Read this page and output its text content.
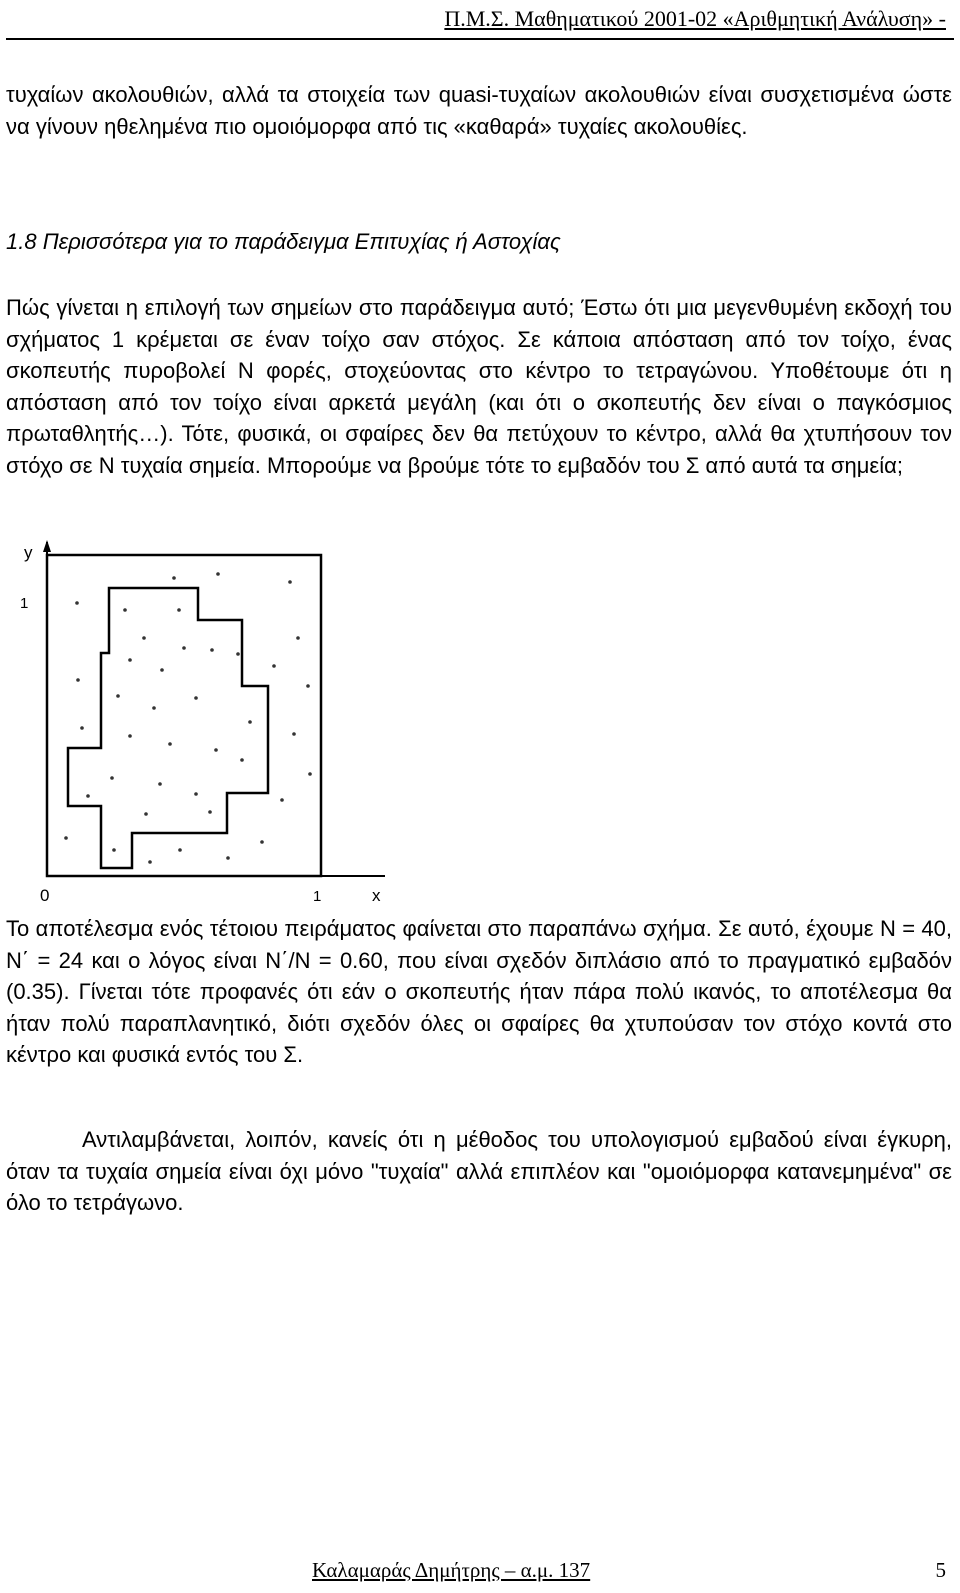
Π.Μ.Σ. Μαθηματικού 2001-02 «Αριθμητική Ανάλυση» -

τυχαίων ακολουθιών, αλλά τα στοιχεία των quasi-τυχαίων ακολουθιών είναι συσχετισμένα ώστε να γίνουν ηθελημένα πιο ομοιόμορφα από τις «καθαρά» τυχαίες ακολουθίες.

1.8 Περισσότερα για το παράδειγμα Επιτυχίας ή Αστοχίας

Πώς γίνεται η επιλογή των σημείων στο παράδειγμα αυτό; Έστω ότι μια μεγενθυμένη εκδοχή του σχήματος 1 κρέμεται σε έναν τοίχο σαν στόχος. Σε κάποια απόσταση από τον τοίχο, ένας σκοπευτής πυροβολεί N φορές, στοχεύοντας στο κέντρο το τετραγώνου. Υποθέτουμε ότι η απόσταση από τον τοίχο είναι αρκετά μεγάλη (και ότι ο σκοπευτής δεν είναι ο παγκόσμιος πρωταθλητής…). Τότε, φυσικά, οι σφαίρες δεν θα πετύχουν το κέντρο, αλλά θα χτυπήσουν τον στόχο σε N τυχαία σημεία. Μπορούμε να βρούμε τότε το εμβαδόν του Σ από αυτά τα σημεία;

y
1
0	1	x

Το αποτέλεσμα ενός τέτοιου πειράματος φαίνεται στο παραπάνω σχήμα. Σε αυτό, έχουμε N = 40, N΄ = 24 και ο λόγος είναι N΄/N = 0.60, που είναι σχεδόν διπλάσιο από το πραγματικό εμβαδόν (0.35). Γίνεται τότε προφανές ότι εάν ο σκοπευτής ήταν πάρα πολύ ικανός, το αποτέλεσμα θα ήταν πολύ παραπλανητικό, διότι σχεδόν όλες οι σφαίρες θα χτυπούσαν τον στόχο κοντά στο κέντρο και φυσικά εντός του Σ.

Αντιλαμβάνεται, λοιπόν, κανείς ότι η μέθοδος του υπολογισμού εμβαδού είναι έγκυρη, όταν τα τυχαία σημεία είναι όχι μόνο "τυχαία" αλλά επιπλέον και "ομοιόμορφα κατανεμημένα" σε όλο το τετράγωνο.

Καλαμαράς Δημήτρης – α.μ. 137	5
